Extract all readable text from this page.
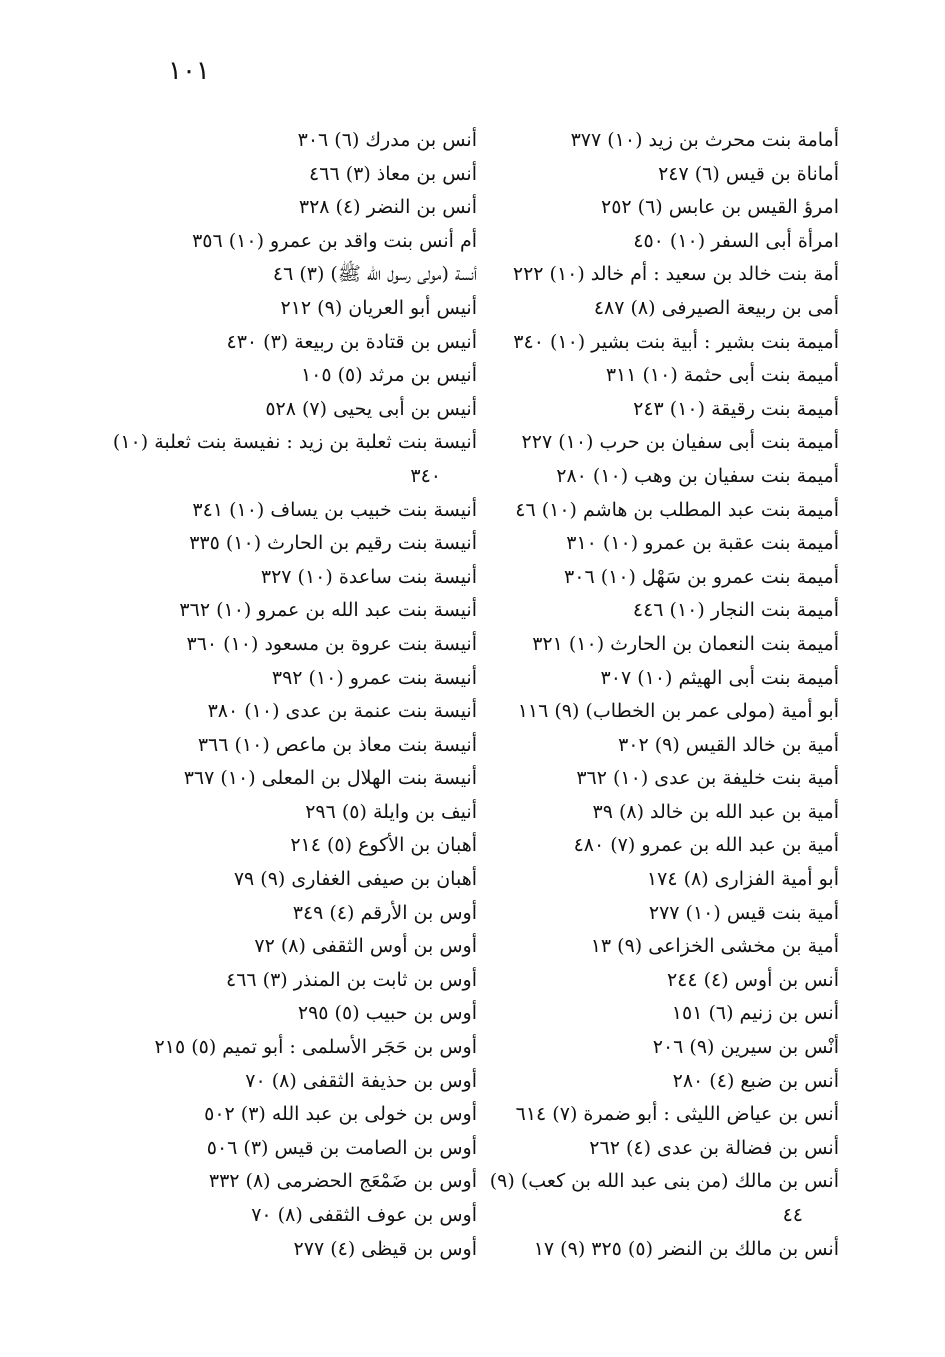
١٠١
أمامة بنت محرث بن زيد (١٠) ٣٧٧
أماناة بن قيس (٦) ٢٤٧
امرؤ القيس بن عابس (٦) ٢٥٢
امرأة أبى السفر (١٠) ٤٥٠
أمة بنت خالد بن سعيد : أم خالد (١٠) ٢٢٢
أمى بن ربيعة الصيرفى (٨) ٤٨٧
أميمة بنت بشير : أبية بنت بشير (١٠) ٣٤٠
أميمة بنت أبى حثمة (١٠) ٣١١
أميمة بنت رقيقة (١٠) ٢٤٣
أميمة بنت أبى سفيان بن حرب (١٠) ٢٢٧
أميمة بنت سفيان بن وهب (١٠) ٢٨٠
أميمة بنت عبد المطلب بن هاشم (١٠) ٤٦
أميمة بنت عقبة بن عمرو (١٠) ٣١٠
أميمة بنت عمرو بن سَهْل (١٠) ٣٠٦
أميمة بنت النجار (١٠) ٤٤٦
أميمة بنت النعمان بن الحارث (١٠) ٣٢١
أميمة بنت أبى الهيثم (١٠) ٣٠٧
أبو أمية (مولى عمر بن الخطاب) (٩) ١١٦
أمية بن خالد القيس (٩) ٣٠٢
أمية بنت خليفة بن عدى (١٠) ٣٦٢
أمية بن عبد الله بن خالد (٨) ٣٩
أمية بن عبد الله بن عمرو (٧) ٤٨٠
أبو أمية الفزارى (٨) ١٧٤
أمية بنت قيس (١٠) ٢٧٧
أمية بن مخشى الخزاعى (٩) ١٣
أنس بن أوس (٤) ٢٤٤
أنس بن زنيم (٦) ١٥١
أنْس بن سيرين (٩) ٢٠٦
أنس بن ضبع (٤) ٢٨٠
أنس بن عياض الليثى : أبو ضمرة (٧) ٦١٤
أنس بن فضالة بن عدى (٤) ٢٦٢
أنس بن مالك (من بنى عبد الله بن كعب) (٩)
٤٤
أنس بن مالك بن النضر (٥) ٣٢٥ (٩) ١٧
أنس بن مدرك (٦) ٣٠٦
أنس بن معاذ (٣) ٤٦٦
أنس بن النضر (٤) ٣٢٨
أم أنس بنت واقد بن عمرو (١٠) ٣٥٦
أنسة (مولى رسول الله ﷺ) (٣) ٤٦
أنيس أبو العريان (٩) ٢١٢
أنيس بن قتادة بن ربيعة (٣) ٤٣٠
أنيس بن مرثد (٥) ١٠٥
أنيس بن أبى يحيى (٧) ٥٢٨
أنيسة بنت ثعلبة بن زيد : نفيسة بنت ثعلبة (١٠)
٣٤٠
أنيسة بنت خبيب بن يساف (١٠) ٣٤١
أنيسة بنت رقيم بن الحارث (١٠) ٣٣٥
أنيسة بنت ساعدة (١٠) ٣٢٧
أنيسة بنت عبد الله بن عمرو (١٠) ٣٦٢
أنيسة بنت عروة بن مسعود (١٠) ٣٦٠
أنيسة بنت عمرو (١٠) ٣٩٢
أنيسة بنت عنمة بن عدى (١٠) ٣٨٠
أنيسة بنت معاذ بن ماعص (١٠) ٣٦٦
أنيسة بنت الهلال بن المعلى (١٠) ٣٦٧
أنيف بن وايلة (٥) ٢٩٦
أهبان بن الأكوع (٥) ٢١٤
أهبان بن صيفى الغفارى (٩) ٧٩
أوس بن الأرقم (٤) ٣٤٩
أوس بن أوس الثقفى (٨) ٧٢
أوس بن ثابت بن المنذر (٣) ٤٦٦
أوس بن حبيب (٥) ٢٩٥
أوس بن حَجَر الأسلمى : أبو تميم (٥) ٢١٥
أوس بن حذيفة الثقفى (٨) ٧٠
أوس بن خولى بن عبد الله (٣) ٥٠٢
أوس بن الصامت بن قيس (٣) ٥٠٦
أوس بن ضَمْعَج الحضرمى (٨) ٣٣٢
أوس بن عوف الثقفى (٨) ٧٠
أوس بن قيظى (٤) ٢٧٧
